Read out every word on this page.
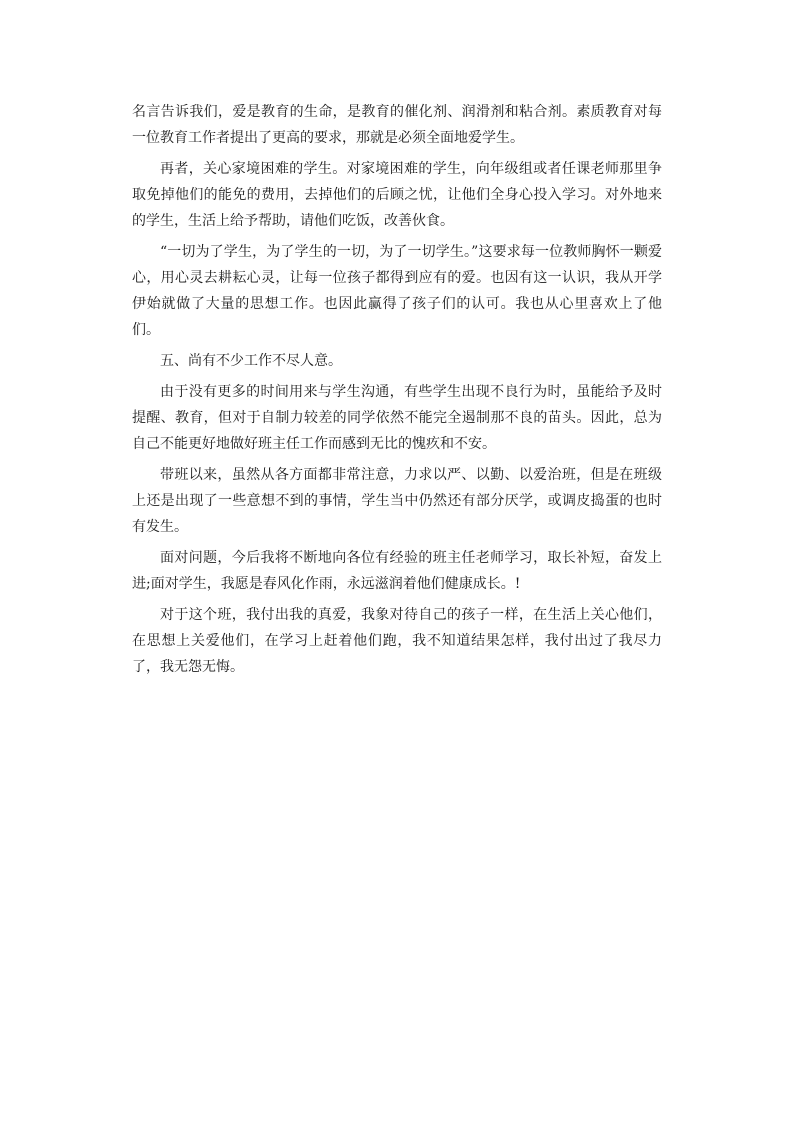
名言告诉我们，爱是教育的生命，是教育的催化剂、润滑剂和粘合剂。素质教育对每一位教育工作者提出了更高的要求，那就是必须全面地爱学生。

再者，关心家境困难的学生。对家境困难的学生，向年级组或者任课老师那里争取免掉他们的能免的费用，去掉他们的后顾之忧，让他们全身心投入学习。对外地来的学生，生活上给予帮助，请他们吃饭，改善伙食。

“一切为了学生，为了学生的一切，为了一切学生。”这要求每一位教师胸怀一颗爱心，用心灵去耕耘心灵，让每一位孩子都得到应有的爱。也因有这一认识，我从开学伊始就做了大量的思想工作。也因此赢得了孩子们的认可。我也从心里喜欢上了他们。

五、尚有不少工作不尽人意。

由于没有更多的时间用来与学生沟通，有些学生出现不良行为时，虽能给予及时提醒、教育，但对于自制力较差的同学依然不能完全遏制那不良的苗头。因此，总为自己不能更好地做好班主任工作而感到无比的愧疚和不安。

带班以来，虽然从各方面都非常注意，力求以严、以勤、以爱治班，但是在班级上还是出现了一些意想不到的事情，学生当中仍然还有部分厌学，或调皮捣蛋的也时有发生。

面对问题，今后我将不断地向各位有经验的班主任老师学习，取长补短，奋发上进;面对学生，我愿是春风化作雨，永远滋润着他们健康成长。!

对于这个班，我付出我的真爱，我象对待自己的孩子一样，在生活上关心他们，在思想上关爱他们，在学习上赶着他们跑，我不知道结果怎样，我付出过了我尽力了，我无怨无悔。
